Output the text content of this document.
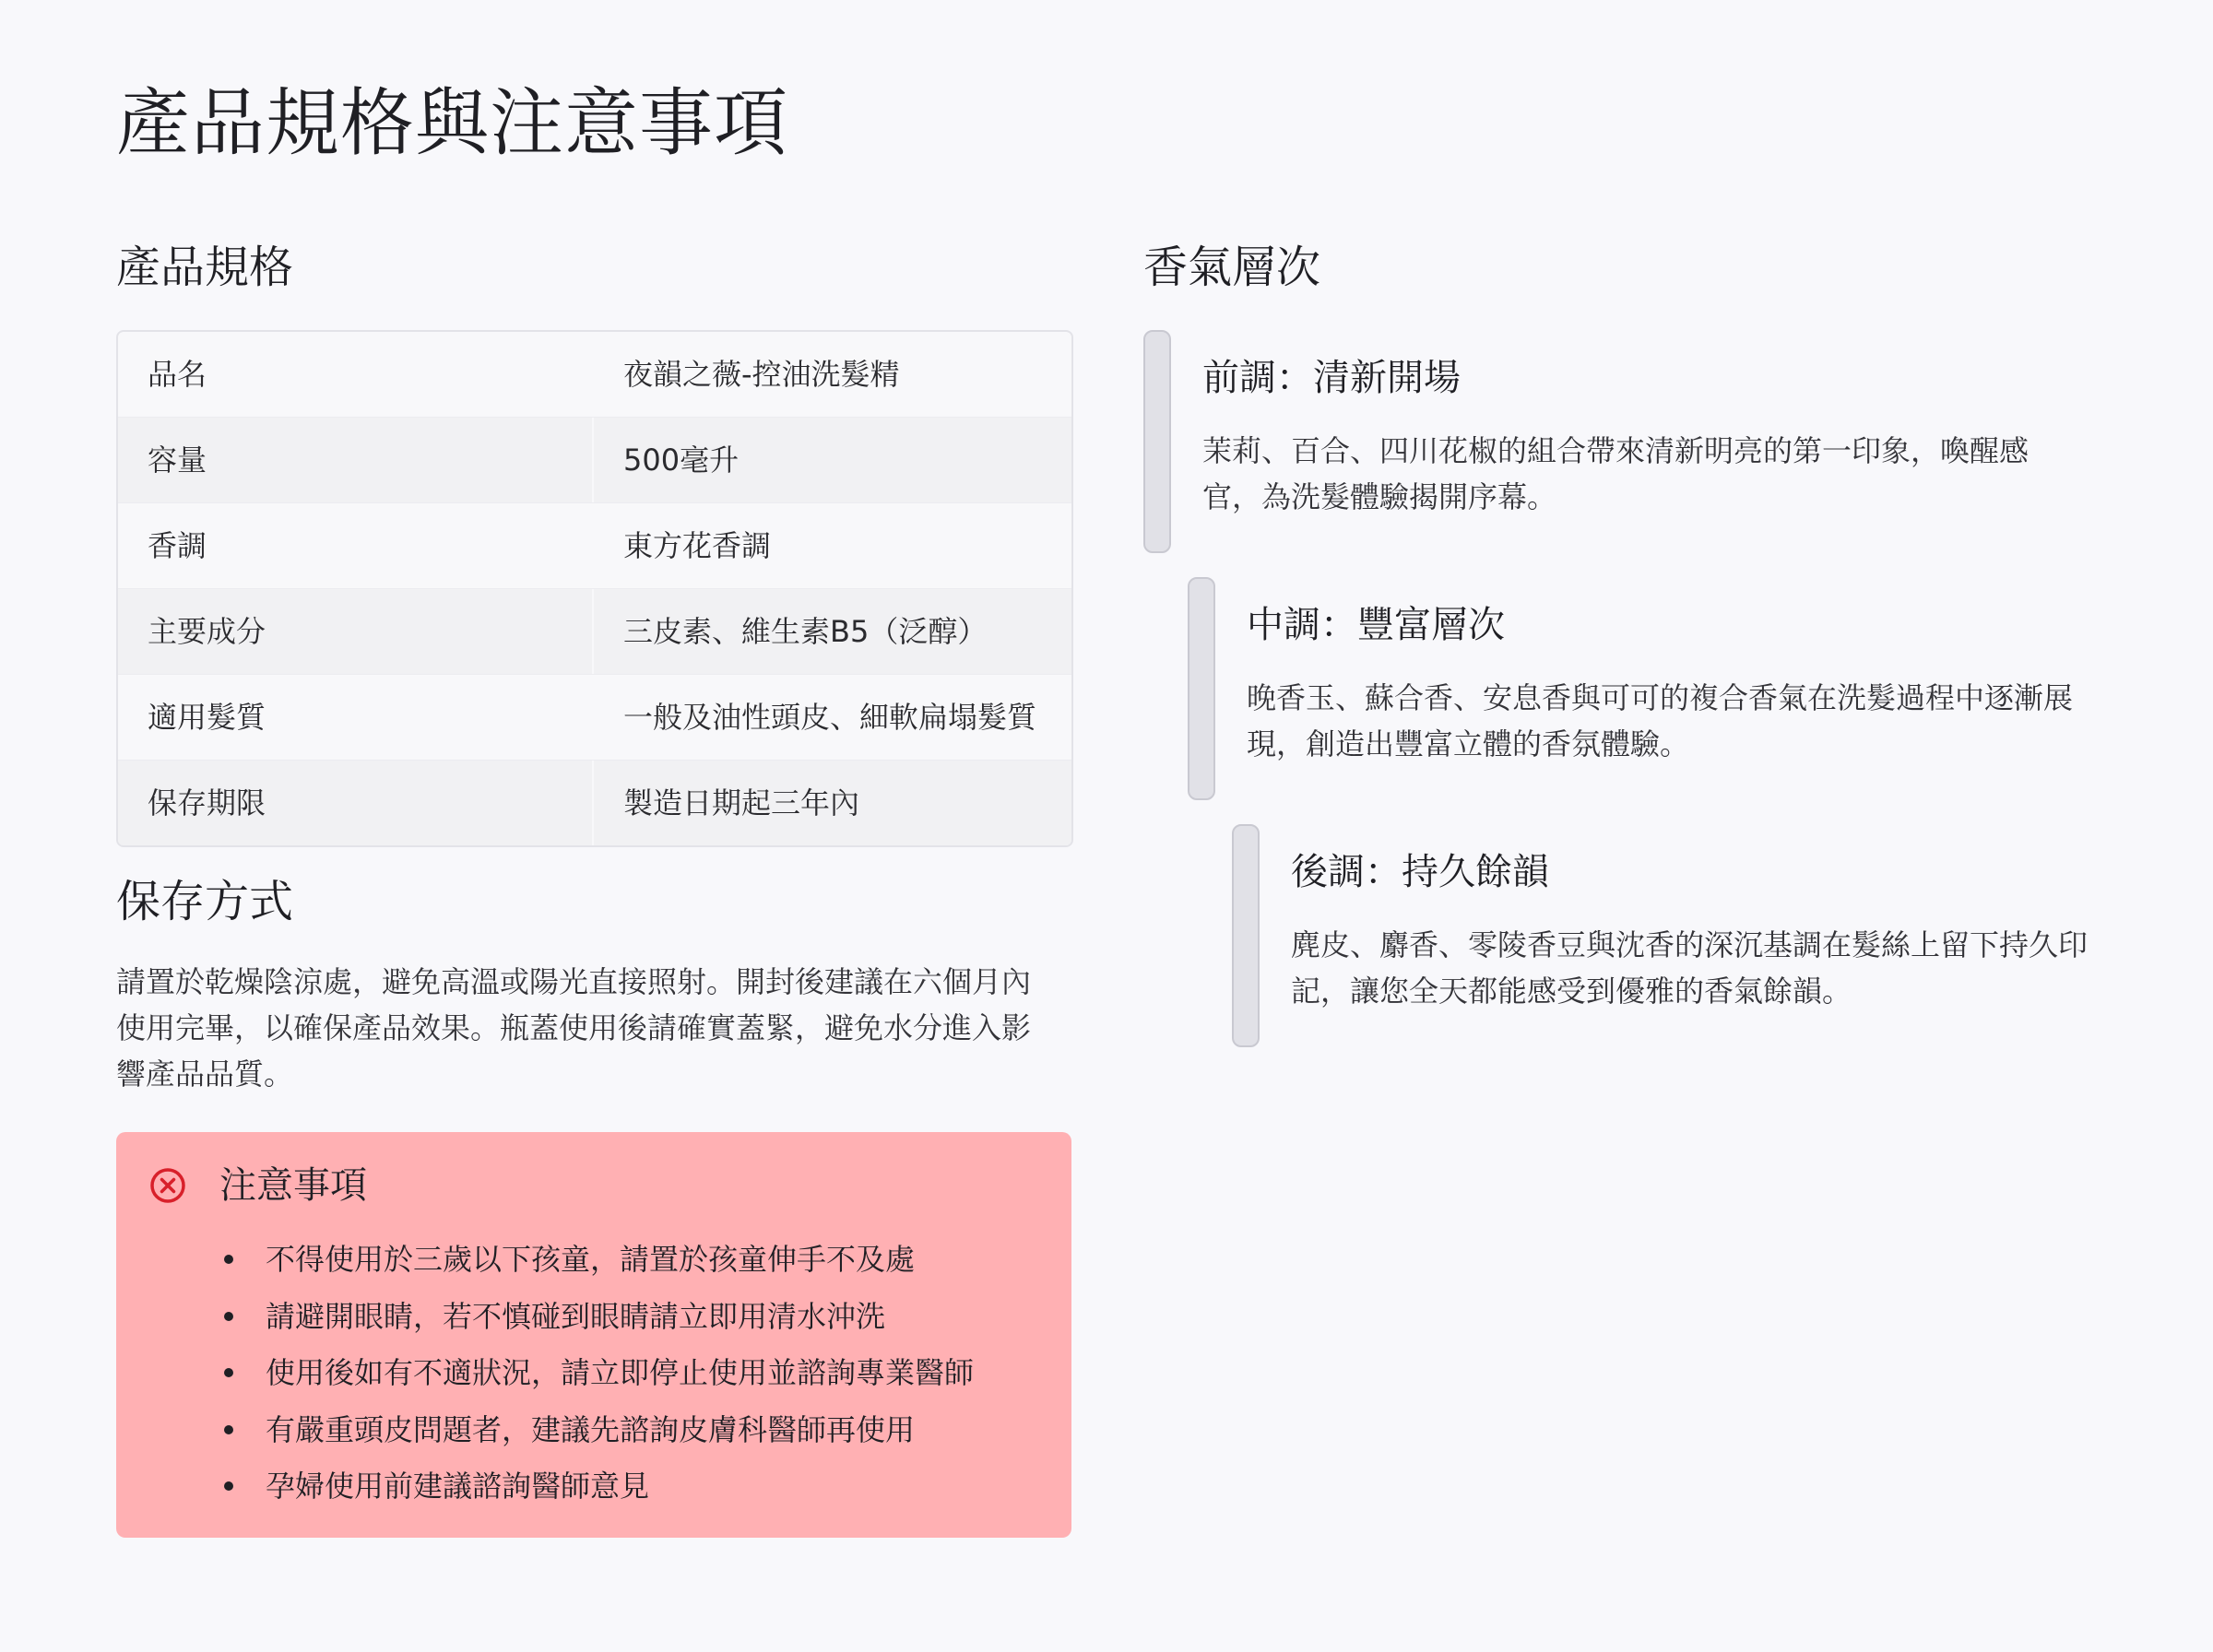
產品規格與注意事項
產品規格
品名	夜韻之薇-控油洗髮精
容量	500毫升
香調	東方花香調
主要成分	三皮素、維生素B5（泛醇）
適用髮質	一般及油性頭皮、細軟扁塌髮質
保存期限	製造日期起三年內
保存方式

請置於乾燥陰涼處，避免高溫或陽光直接照射。開封後建議在六個月內使用完畢，以確保產品效果。瓶蓋使用後請確實蓋緊，避免水分進入影響產品品質。

注意事項
不得使用於三歲以下孩童，請置於孩童伸手不及處
請避開眼睛，若不慎碰到眼睛請立即用清水沖洗
使用後如有不適狀況，請立即停止使用並諮詢專業醫師
有嚴重頭皮問題者，建議先諮詢皮膚科醫師再使用
孕婦使用前建議諮詢醫師意見
香氣層次
前調：清新開場

茉莉、百合、四川花椒的組合帶來清新明亮的第一印象，喚醒感官，為洗髮體驗揭開序幕。

中調：豐富層次

晚香玉、蘇合香、安息香與可可的複合香氣在洗髮過程中逐漸展現，創造出豐富立體的香氛體驗。

後調：持久餘韻

麂皮、麝香、零陵香豆與沈香的深沉基調在髮絲上留下持久印記，讓您全天都能感受到優雅的香氣餘韻。
